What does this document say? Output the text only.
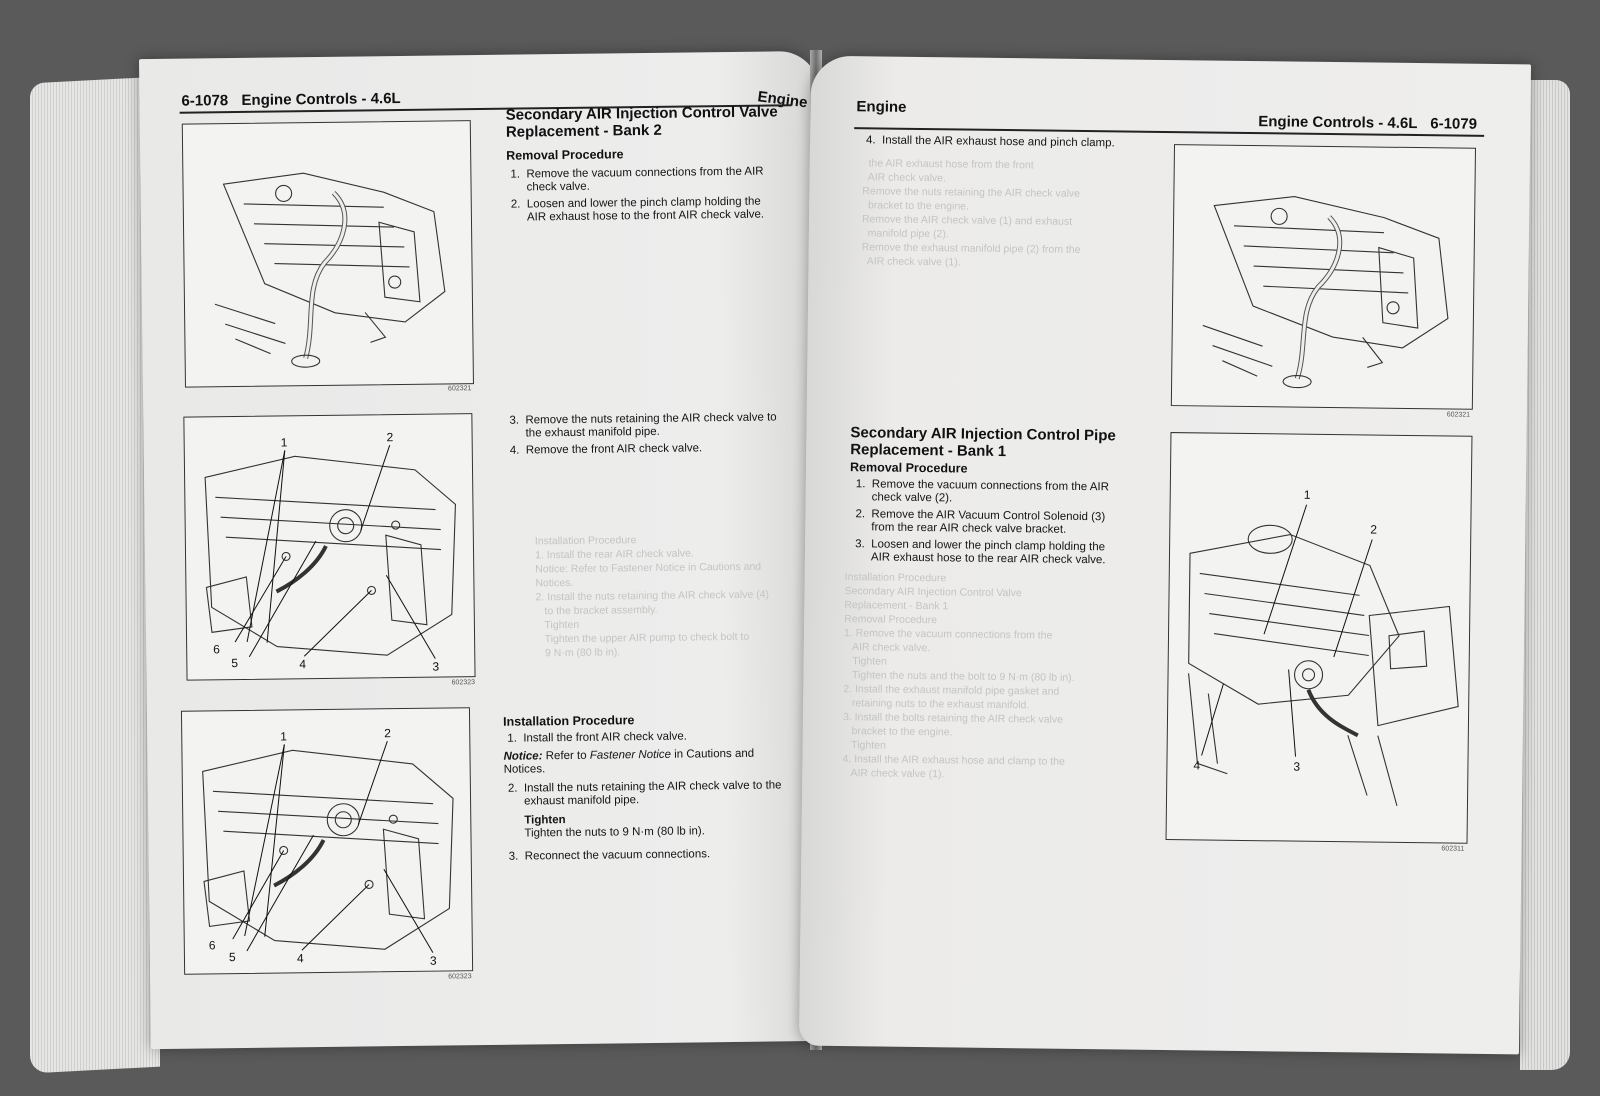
6-1078 Engine Controls - 4.6L	Engine
602321
1	2
3
4
5
6
602323
1	2
3
4
5
6
602323
Secondary AIR Injection Control Valve
Replacement - Bank 2
Removal Procedure
1. Remove the vacuum connections from the AIR check valve.
2. Loosen and lower the pinch clamp holding the AIR exhaust hose to the front AIR check valve.
3. Remove the nuts retaining the AIR check valve to the exhaust manifold pipe.
4. Remove the front AIR check valve.
Installation Procedure
1. Install the rear AIR check valve.
Notice: Refer to Fastener Notice in Cautions and
Notices.
2. Install the nuts retaining the AIR check valve (4)
to the bracket assembly.
Tighten
Tighten the upper AIR pump to check bolt to
9 N·m (80 lb in).
Installation Procedure
1. Install the front AIR check valve.
Notice: Refer to Fastener Notice in Cautions and Notices.
2. Install the nuts retaining the AIR check valve to the exhaust manifold pipe.
Tighten
Tighten the nuts to 9 N·m (80 lb in).
3. Reconnect the vacuum connections.
Engine
Engine Controls - 4.6L 6-1079
4. Install the AIR exhaust hose and pinch clamp.
the AIR exhaust hose from the front
AIR check valve.
Remove the nuts retaining the AIR check valve
bracket to the engine.
Remove the AIR check valve (1) and exhaust
manifold pipe (2).
Remove the exhaust manifold pipe (2) from the
AIR check valve (1).
602321
Secondary AIR Injection Control Pipe
Replacement - Bank 1
Removal Procedure
1. Remove the vacuum connections from the AIR check valve (2).
2. Remove the AIR Vacuum Control Solenoid (3) from the rear AIR check valve bracket.
3. Loosen and lower the pinch clamp holding the AIR exhaust hose to the rear AIR check valve.
Installation Procedure
Secondary AIR Injection Control Valve
Replacement - Bank 1
Removal Procedure
1. Remove the vacuum connections from the
AIR check valve.
Tighten
Tighten the nuts and the bolt to 9 N·m (80 lb in).
2. Install the exhaust manifold pipe gasket and
retaining nuts to the exhaust manifold.
3. Install the bolts retaining the AIR check valve
bracket to the engine.
Tighten
4. Install the AIR exhaust hose and clamp to the
AIR check valve (1).
1
2
3
4
602311
